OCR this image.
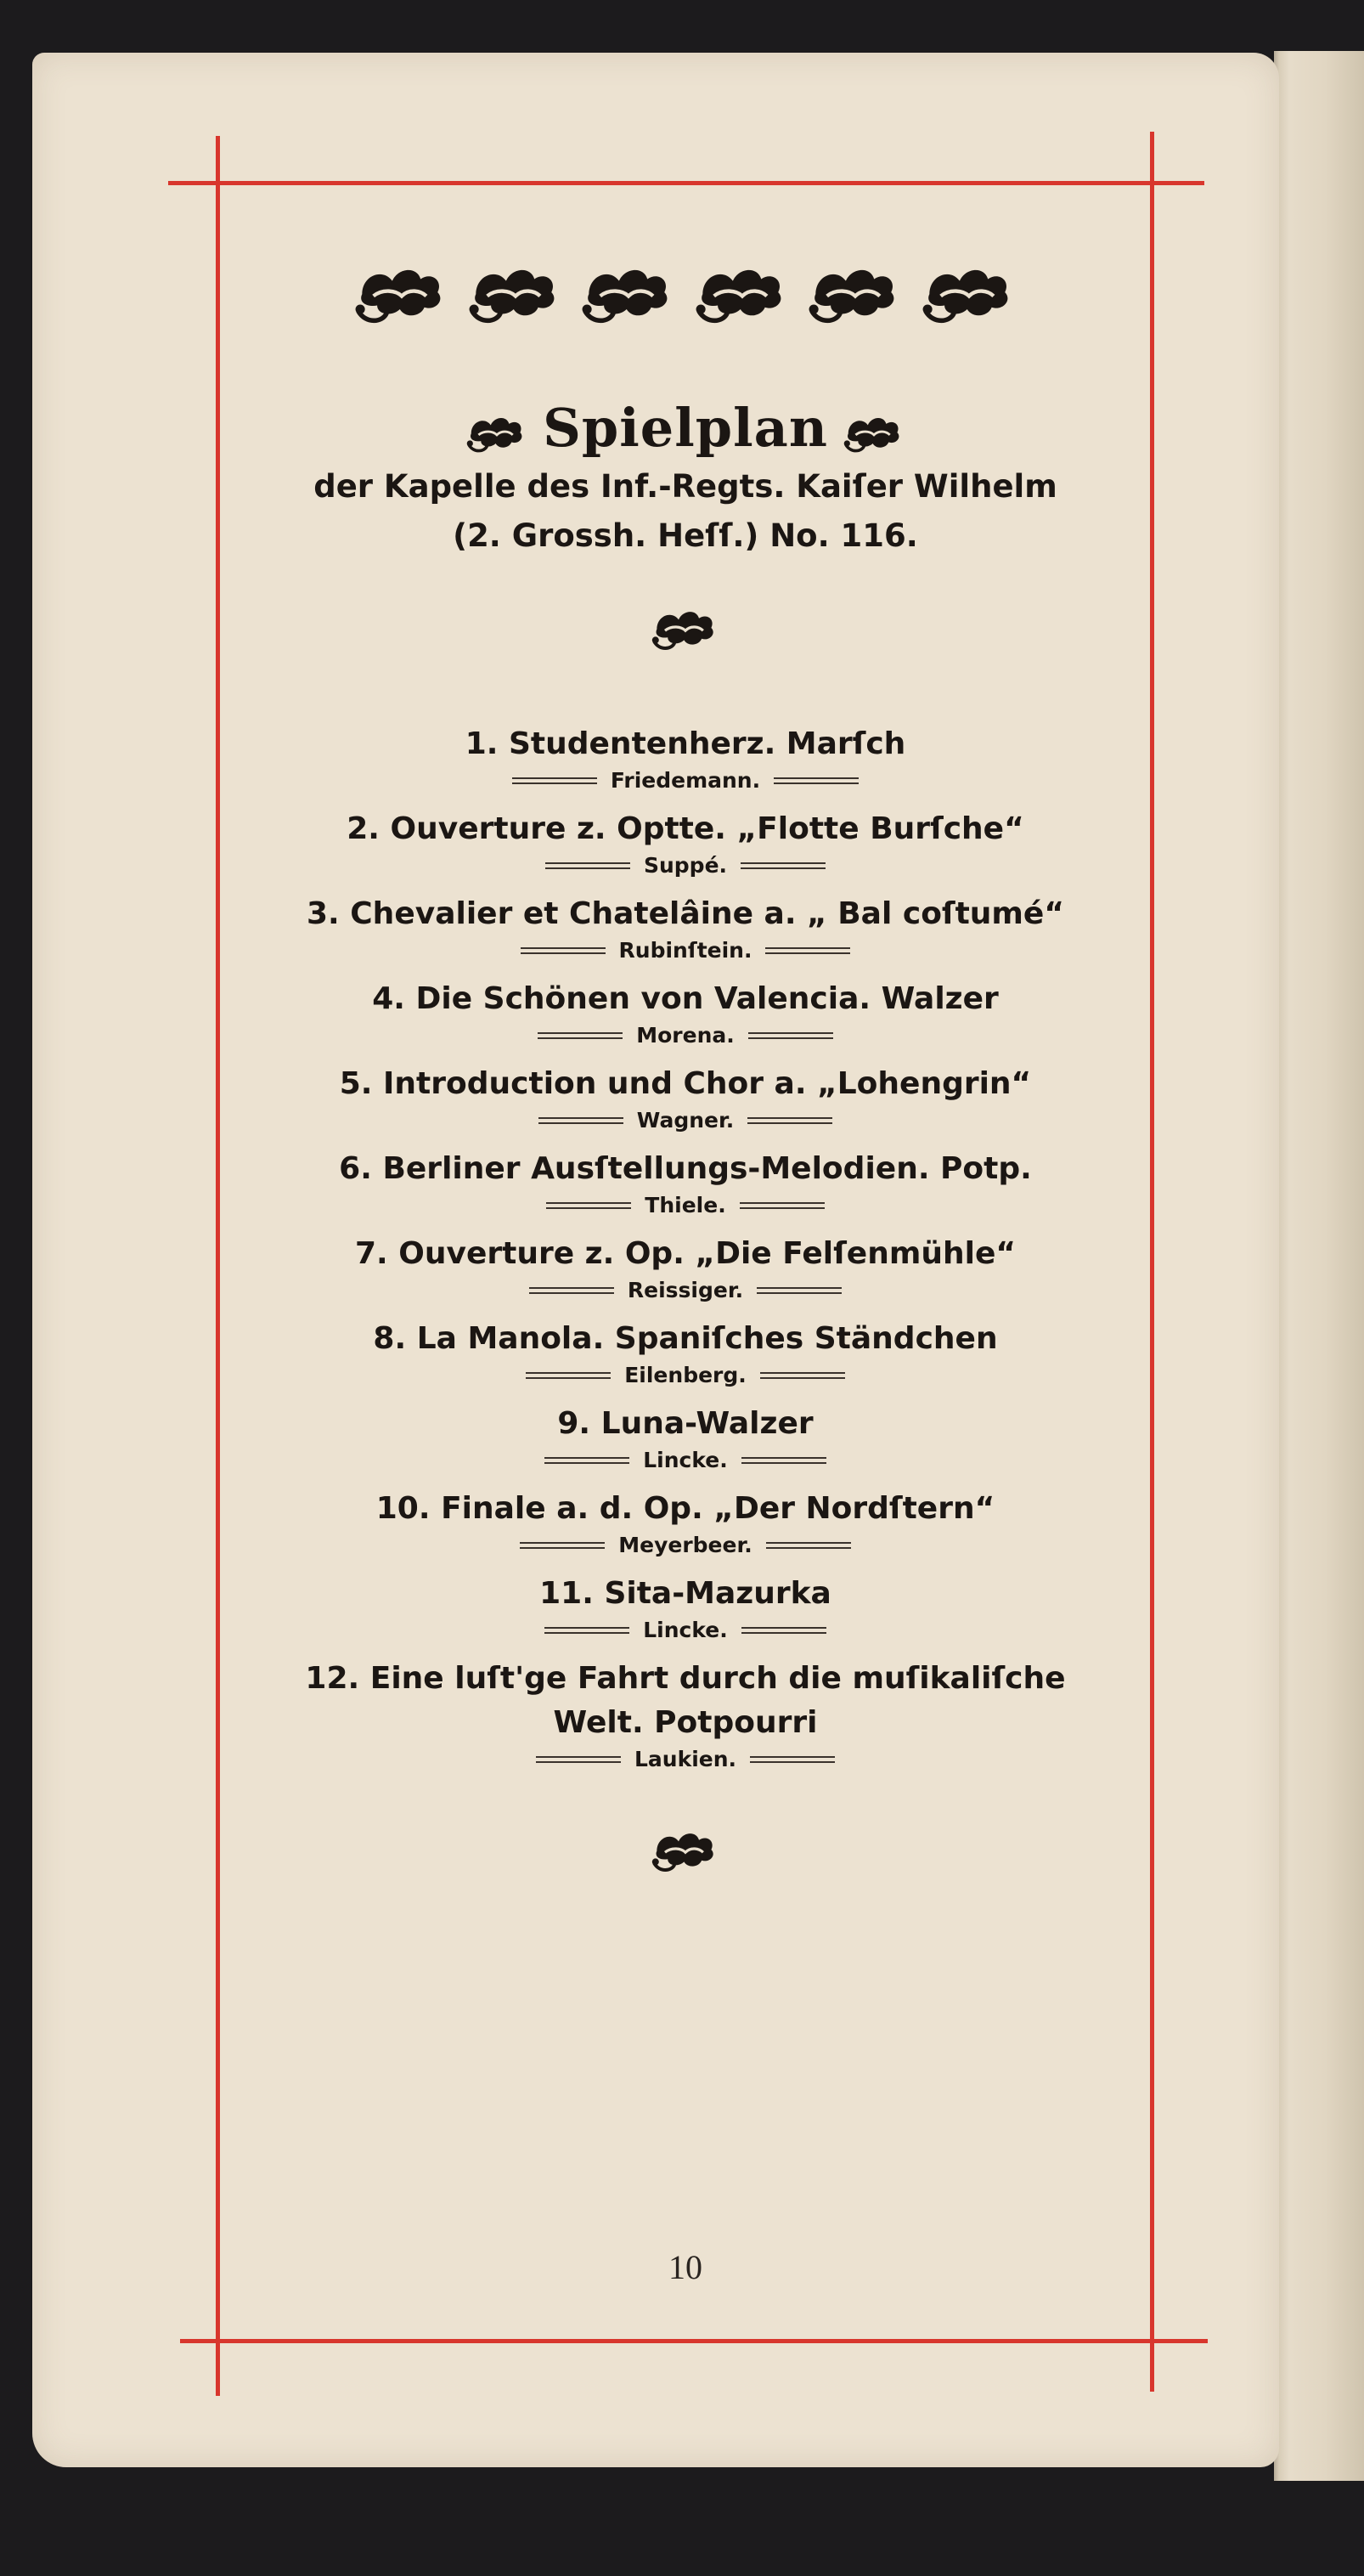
Spielplan
der Kapelle des Inf.-Regts. Kaiſer Wilhelm
(2. Grossh. Heſſ.) No. 116.
1. Studentenherz. Marſch
Friedemann.
2. Ouverture z. Optte. „Flotte Burſche“
Suppé.
3. Chevalier et Chatelâine a. „ Bal coſtumé“
Rubinſtein.
4. Die Schönen von Valencia. Walzer
Morena.
5. Introduction und Chor a. „Lohengrin“
Wagner.
6. Berliner Ausſtellungs-Melodien. Potp.
Thiele.
7. Ouverture z. Op. „Die Felſenmühle“
Reissiger.
8. La Manola. Spaniſches Ständchen
Eilenberg.
9. Luna-Walzer
Lincke.
10. Finale a. d. Op. „Der Nordſtern“
Meyerbeer.
11. Sita-Mazurka
Lincke.
12. Eine luſt'ge Fahrt durch die muſikaliſche
Welt. Potpourri
Laukien.
10
